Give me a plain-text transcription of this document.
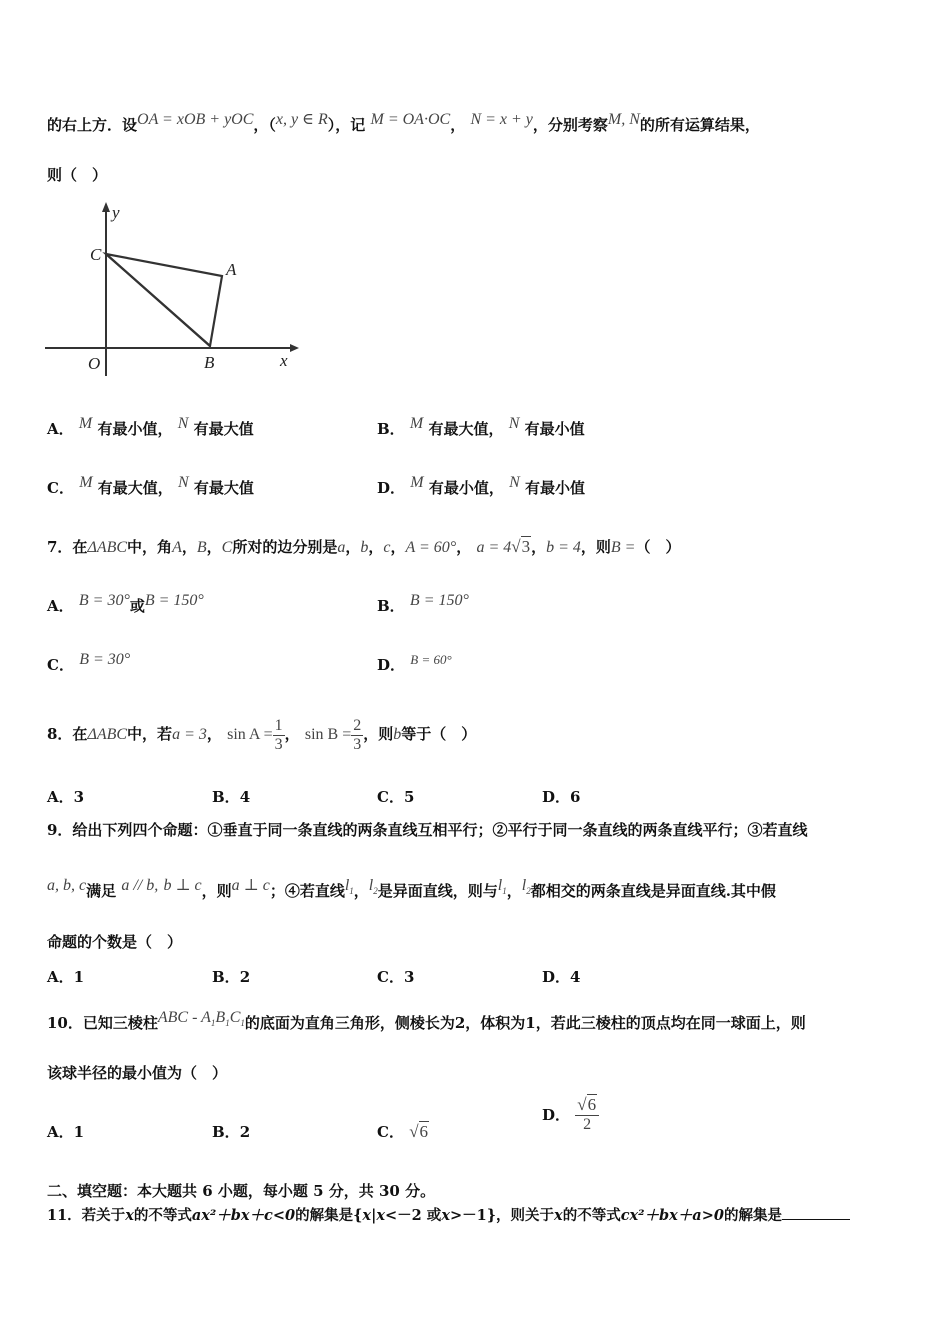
的右上方．设OA = xOB + yOC，（x, y ∈ R），记 M = OA·OC， N = x + y，分别考察M, N的所有运算结果，
则（　）
y
x
O
A
B
C
A． M 有最小值， N 有最大值	B． M 有最大值， N 有最小值
C． M 有最大值， N 有最大值	D． M 有最小值， N 有最小值
7．在ΔABC中，角A，B，C所对的边分别是a，b，c，A = 60°， a = 4√3，b = 4，则B =（　）
A． B = 30°或B = 150°	B． B = 150°
C． B = 30°	D． B = 60°
8．在ΔABC中，若a = 3， $\sin A = \frac{1}{3}$ ， $\sin B = \frac{2}{3}$ ，则b等于（　）
A．3	B．4	C．5	D．6
9．给出下列四个命题：①垂直于同一条直线的两条直线互相平行；②平行于同一条直线的两条直线平行；③若直线
a, b, c满足 a // b, b ⊥ c，则a ⊥ c；④若直线$l_1$，$l_2$是异面直线，则与$l_1$，$l_2$都相交的两条直线是异面直线.其中假
命题的个数是（　）
A．1	B．2	C．3	D．4
10．已知三棱柱ABC - $A_1B_1C_1$的底面为直角三角形，侧棱长为2，体积为1，若此三棱柱的顶点均在同一球面上，则
该球半径的最小值为（　）
A．1	B．2	C． √6
D． $\frac{√6}{2}$
二、填空题：本大题共 6 小题，每小题 5 分，共 30 分。
11．若关于x的不等式ax²＋bx＋c<0的解集是{x|x<－2 或x>－1}，则关于x的不等式cx²＋bx＋a>0的解集是
